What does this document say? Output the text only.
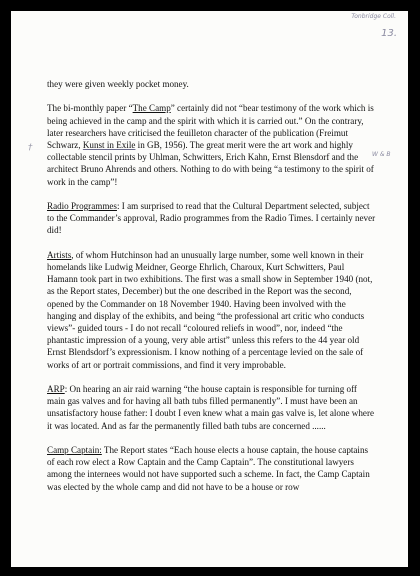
Tonbridge Coll.
13.
†
W & B

they were given weekly pocket money.

The bi-monthly paper “The Camp” certainly did not “bear testimony of the work which is being achieved in the camp and the spirit with which it is carried out.” On the contrary, later researchers have criticised the feuilleton character of the publication (Freimut Schwarz, Kunst in Exile in GB, 1956). The great merit were the art work and highly collectable stencil prints by Uhlman, Schwitters, Erich Kahn, Ernst Blensdorf and the architect Bruno Ahrends and others. Nothing to do with being “a testimony to the spirit of work in the camp”!

Radio Programmes: I am surprised to read that the Cultural Department selected, subject to the Commander’s approval, Radio programmes from the Radio Times. I certainly never did!

Artists, of whom Hutchinson had an unusually large number, some well known in their homelands like Ludwig Meidner, George Ehrlich, Charoux, Kurt Schwitters, Paul Hamann took part in two exhibitions. The first was a small show in September 1940 (not, as the Report states, December) but the one described in the Report was the second, opened by the Commander on 18 November 1940. Having been involved with the hanging and display of the exhibits, and being “the professional art critic who conducts views”- guided tours - I do not recall “coloured reliefs in wood”, nor, indeed “the phantastic impression of a young, very able artist” unless this refers to the 44 year old Ernst Blendsdorf’s expressionism. I know nothing of a percentage levied on the sale of works of art or portrait commissions, and find it very improbable.

ARP: On hearing an air raid warning “the house captain is responsible for turning off main gas valves and for having all bath tubs filled permanently”. I must have been an unsatisfactory house father: I doubt I even knew what a main gas valve is, let alone where it was located. And as far the permanently filled bath tubs are concerned ......

Camp Captain: The Report states “Each house elects a house captain, the house captains of each row elect a Row Captain and the Camp Captain”. The constitutional lawyers among the internees would not have supported such a scheme. In fact, the Camp Captain was elected by the whole camp and did not have to be a house or row
